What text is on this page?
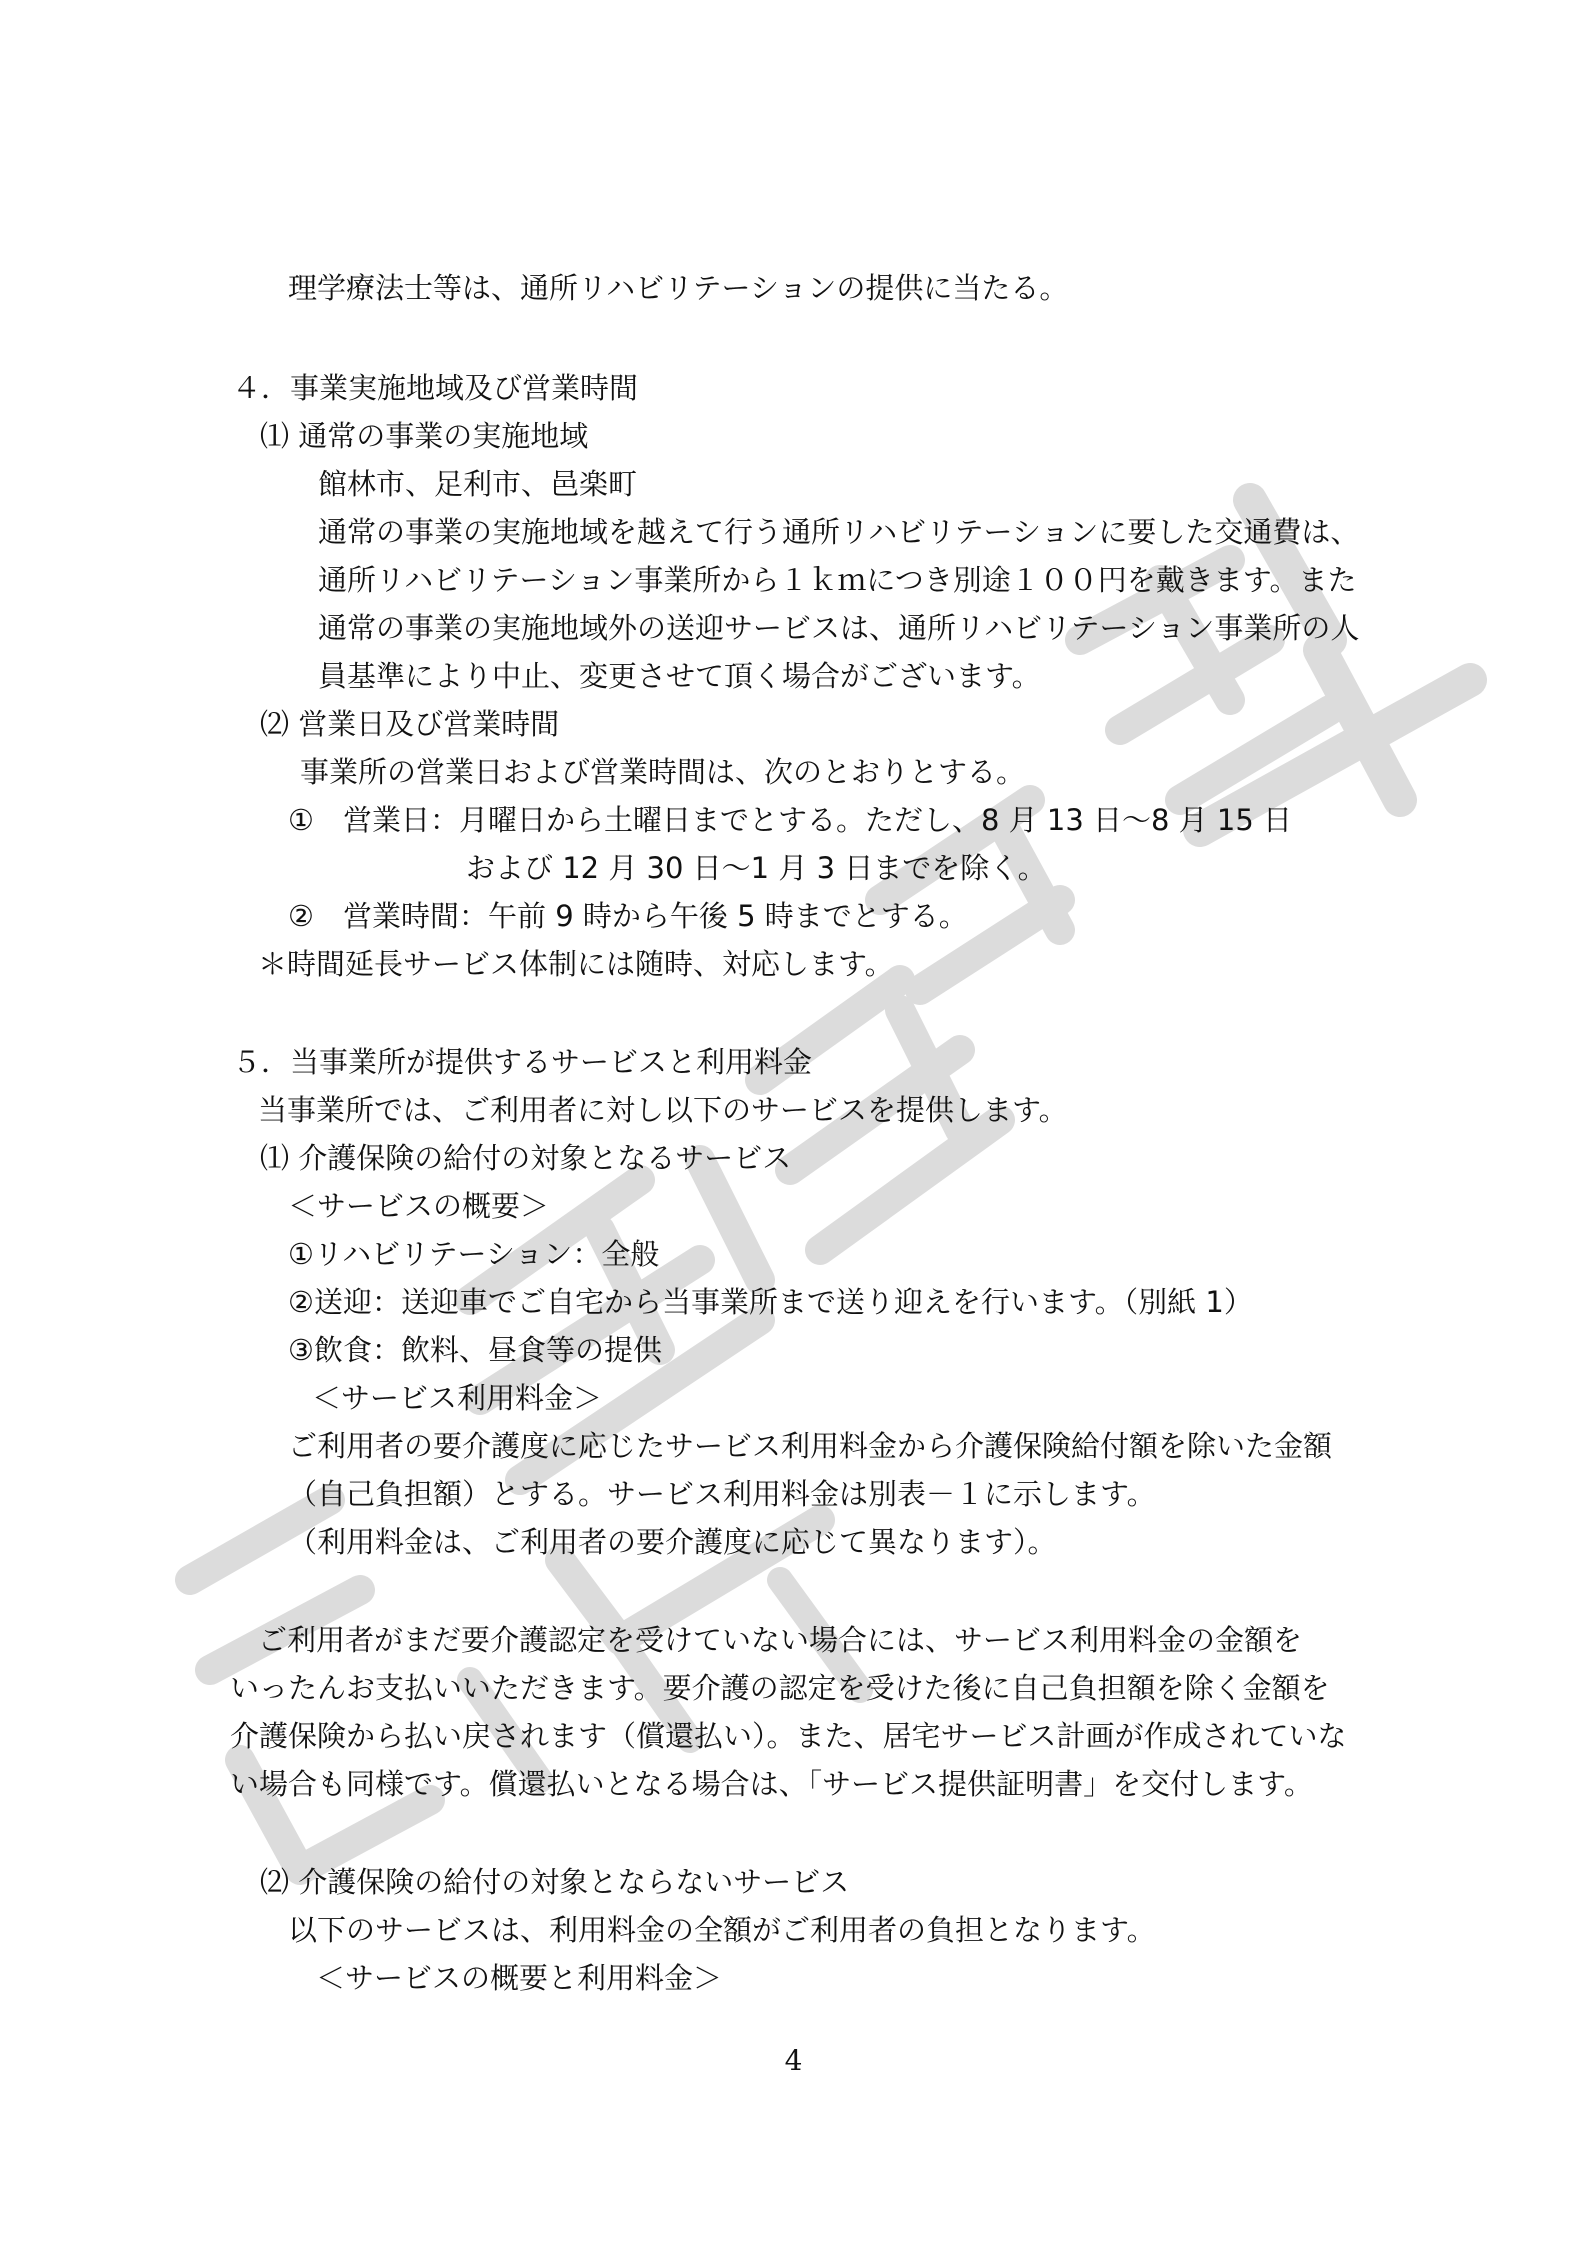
理学療法士等は、通所リハビリテーションの提供に当たる。
４．事業実施地域及び営業時間
⑴ 通常の事業の実施地域
館林市、足利市、邑楽町
通常の事業の実施地域を越えて行う通所リハビリテーションに要した交通費は、
通所リハビリテーション事業所から１ｋｍにつき別途１００円を戴きます。また
通常の事業の実施地域外の送迎サービスは、通所リハビリテーション事業所の人
員基準により中止、変更させて頂く場合がございます。
⑵ 営業日及び営業時間
事業所の営業日および営業時間は、次のとおりとする。
①　営業日：月曜日から土曜日までとする。ただし、8 月 13 日～8 月 15 日
および 12 月 30 日～1 月 3 日までを除く。
②　営業時間：午前 9 時から午後 5 時までとする。
＊時間延長サービス体制には随時、対応します。
５．当事業所が提供するサービスと利用料金
当事業所では、ご利用者に対し以下のサービスを提供します。
⑴ 介護保険の給付の対象となるサービス
＜サービスの概要＞
①リハビリテーション：全般
②送迎：送迎車でご自宅から当事業所まで送り迎えを行います。（別紙 1）
③飲食：飲料、昼食等の提供
＜サービス利用料金＞
ご利用者の要介護度に応じたサービス利用料金から介護保険給付額を除いた金額
（自己負担額）とする。サービス利用料金は別表－１に示します。
（利用料金は、ご利用者の要介護度に応じて異なります）。
ご利用者がまだ要介護認定を受けていない場合には、サービス利用料金の金額を
いったんお支払いいただきます。要介護の認定を受けた後に自己負担額を除く金額を
介護保険から払い戻されます（償還払い）。また、居宅サービス計画が作成されていな
い場合も同様です。償還払いとなる場合は、「サービス提供証明書」を交付します。
⑵ 介護保険の給付の対象とならないサービス
以下のサービスは、利用料金の全額がご利用者の負担となります。
＜サービスの概要と利用料金＞
4
